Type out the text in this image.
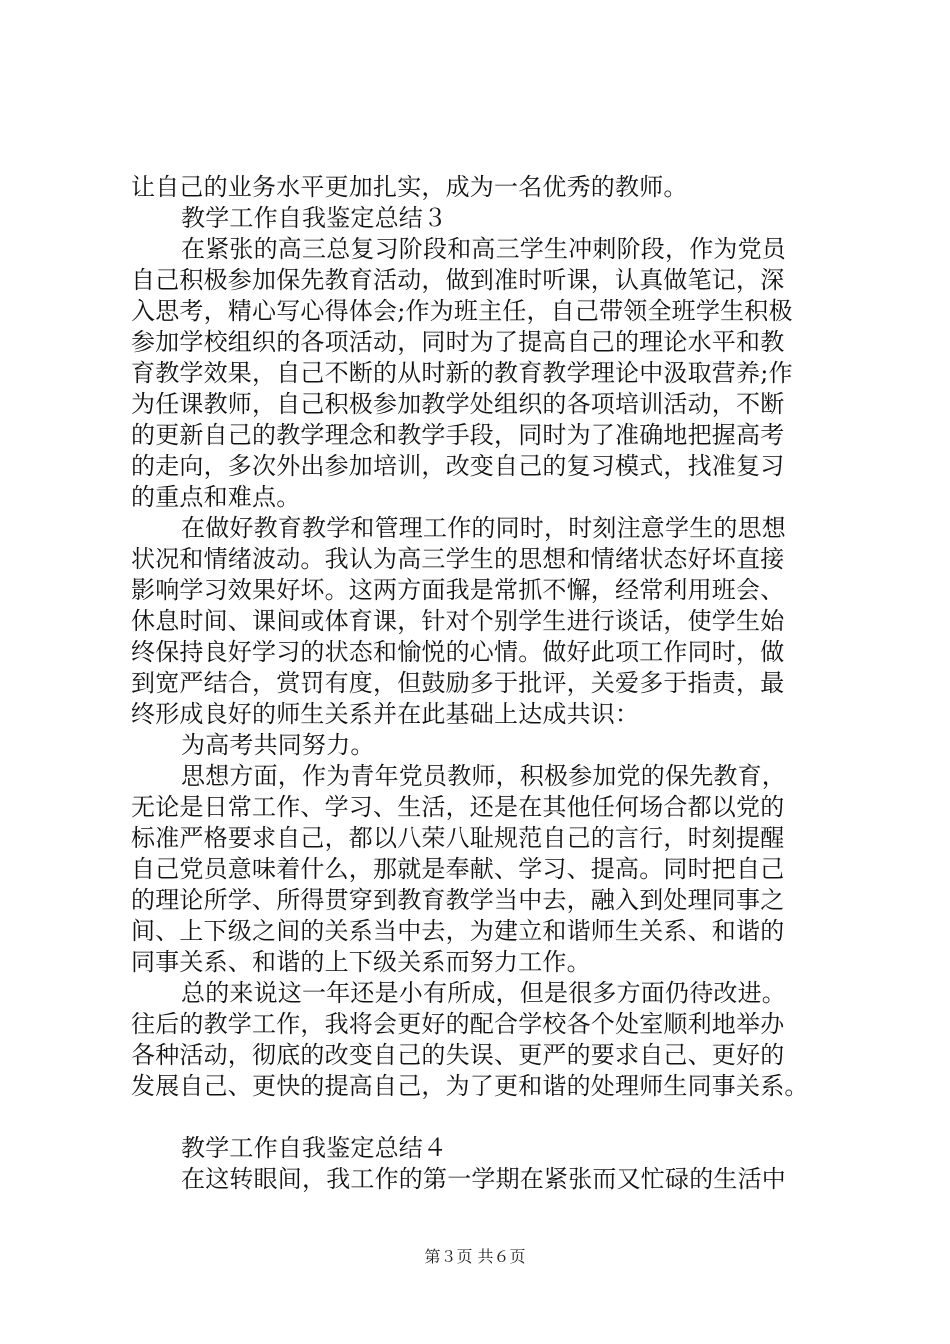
让自己的业务水平更加扎实，成为一名优秀的教师。
教学工作自我鉴定总结３
在紧张的高三总复习阶段和高三学生冲刺阶段，作为党员
自己积极参加保先教育活动，做到准时听课，认真做笔记，深
入思考，精心写心得体会;作为班主任，自己带领全班学生积极
参加学校组织的各项活动，同时为了提高自己的理论水平和教
育教学效果，自己不断的从时新的教育教学理论中汲取营养;作
为任课教师，自己积极参加教学处组织的各项培训活动，不断
的更新自己的教学理念和教学手段，同时为了准确地把握高考
的走向，多次外出参加培训，改变自己的复习模式，找准复习
的重点和难点。
在做好教育教学和管理工作的同时，时刻注意学生的思想
状况和情绪波动。我认为高三学生的思想和情绪状态好坏直接
影响学习效果好坏。这两方面我是常抓不懈，经常利用班会、
休息时间、课间或体育课，针对个别学生进行谈话，使学生始
终保持良好学习的状态和愉悦的心情。做好此项工作同时，做
到宽严结合，赏罚有度，但鼓励多于批评，关爱多于指责，最
终形成良好的师生关系并在此基础上达成共识：
为高考共同努力。
思想方面，作为青年党员教师，积极参加党的保先教育，
无论是日常工作、学习、生活，还是在其他任何场合都以党的
标准严格要求自己，都以八荣八耻规范自己的言行，时刻提醒
自己党员意味着什么，那就是奉献、学习、提高。同时把自己
的理论所学、所得贯穿到教育教学当中去，融入到处理同事之
间、上下级之间的关系当中去，为建立和谐师生关系、和谐的
同事关系、和谐的上下级关系而努力工作。
总的来说这一年还是小有所成，但是很多方面仍待改进。
往后的教学工作，我将会更好的配合学校各个处室顺利地举办
各种活动，彻底的改变自己的失误、更严的要求自己、更好的
发展自己、更快的提高自己，为了更和谐的处理师生同事关系。
教学工作自我鉴定总结４
在这转眼间，我工作的第一学期在紧张而又忙碌的生活中
第３页 共６页
